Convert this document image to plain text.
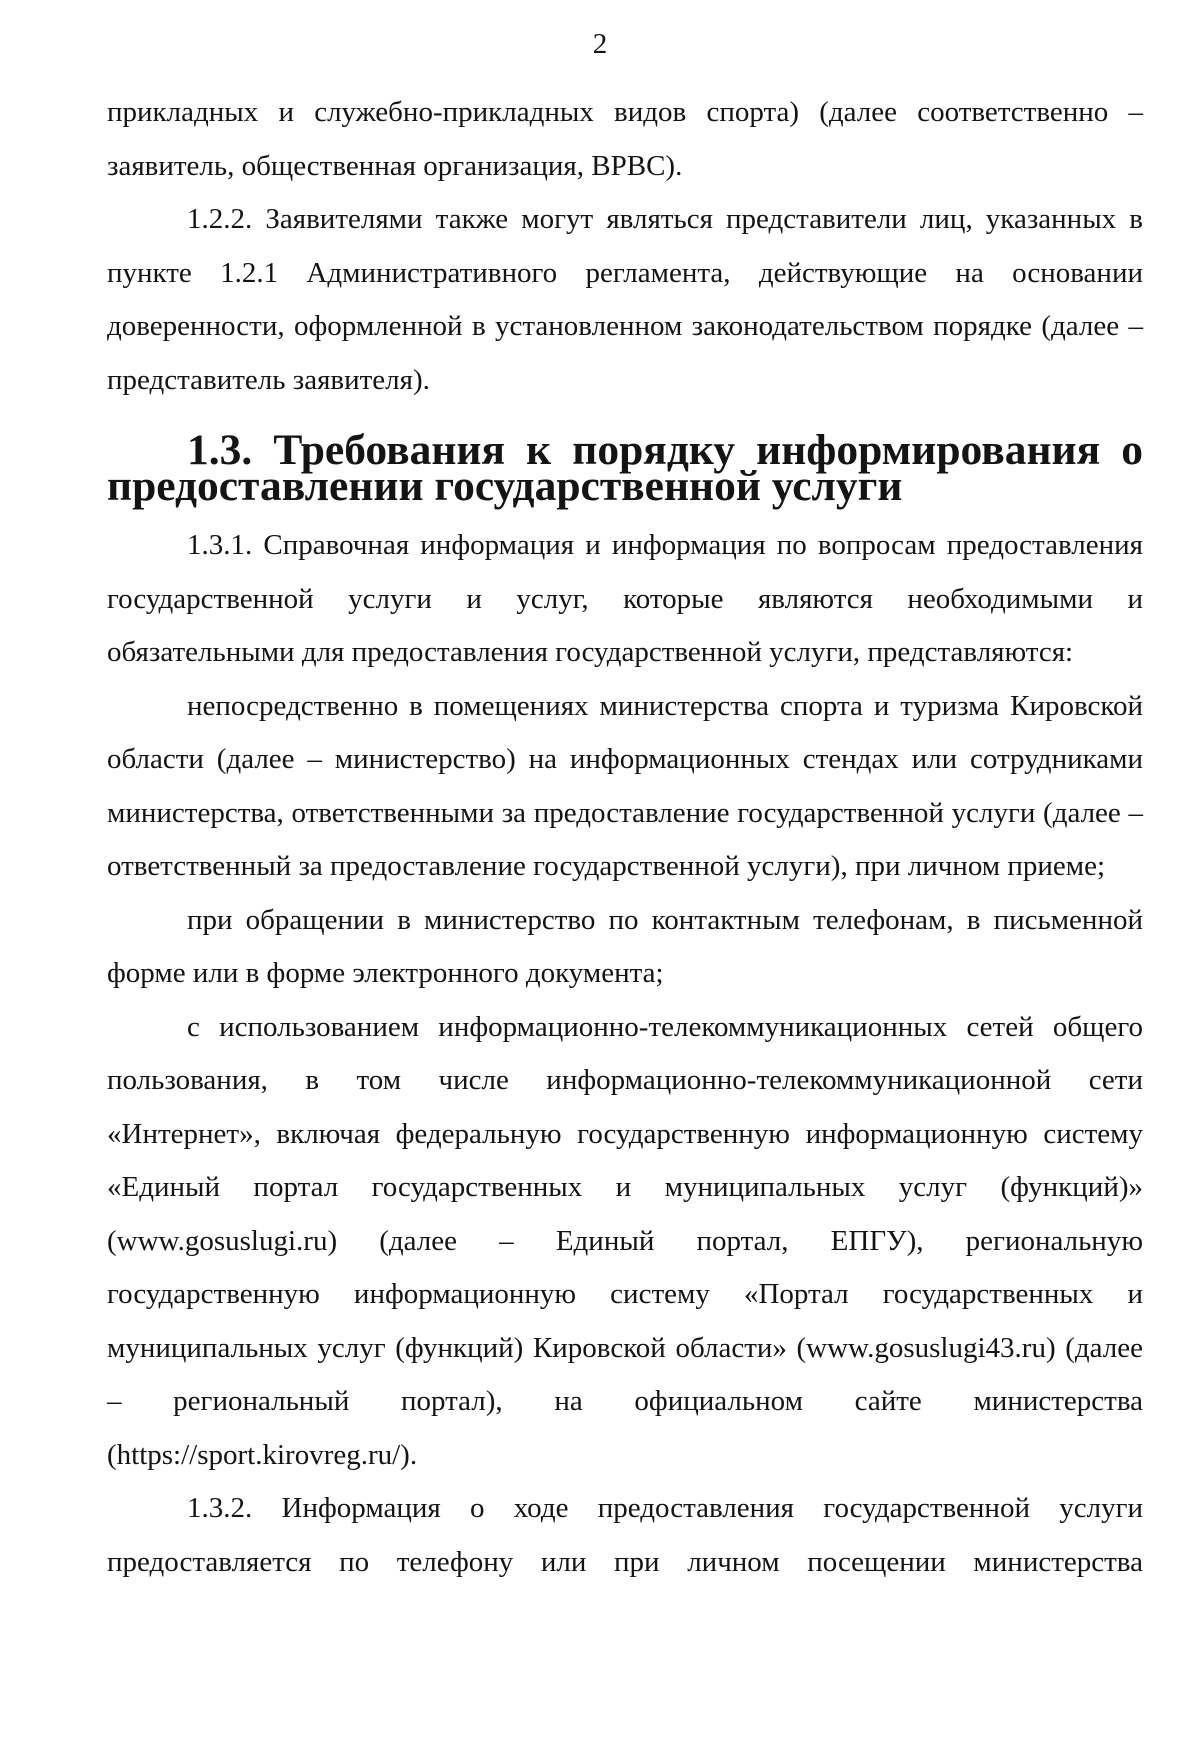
2

прикладных и служебно-прикладных видов спорта) (далее соответственно – заявитель, общественная организация, ВРВС).

1.2.2. Заявителями также могут являться представители лиц, указанных в пункте 1.2.1 Административного регламента, действующие на основании доверенности, оформленной в установленном законодательством порядке (далее – представитель заявителя).

1.3. Требования к порядку информирования о предоставлении государственной услуги

1.3.1. Справочная информация и информация по вопросам предоставления государственной услуги и услуг, которые являются необходимыми и обязательными для предоставления государственной услуги, представляются:

непосредственно в помещениях министерства спорта и туризма Кировской области (далее – министерство) на информационных стендах или сотрудниками министерства, ответственными за предоставление государственной услуги (далее – ответственный за предоставление государственной услуги), при личном приеме;

при обращении в министерство по контактным телефонам, в письменной форме или в форме электронного документа;

с использованием информационно-телекоммуникационных сетей общего пользования, в том числе информационно-телекоммуникационной сети «Интернет», включая федеральную государственную информационную систему «Единый портал государственных и муниципальных услуг (функций)» (www.gosuslugi.ru) (далее – Единый портал, ЕПГУ), региональную государственную информационную систему «Портал государственных и муниципальных услуг (функций) Кировской области» (www.gosuslugi43.ru) (далее – региональный портал), на официальном сайте министерства (https://sport.kirovreg.ru/).

1.3.2. Информация о ходе предоставления государственной услуги предоставляется по телефону или при личном посещении министерства
